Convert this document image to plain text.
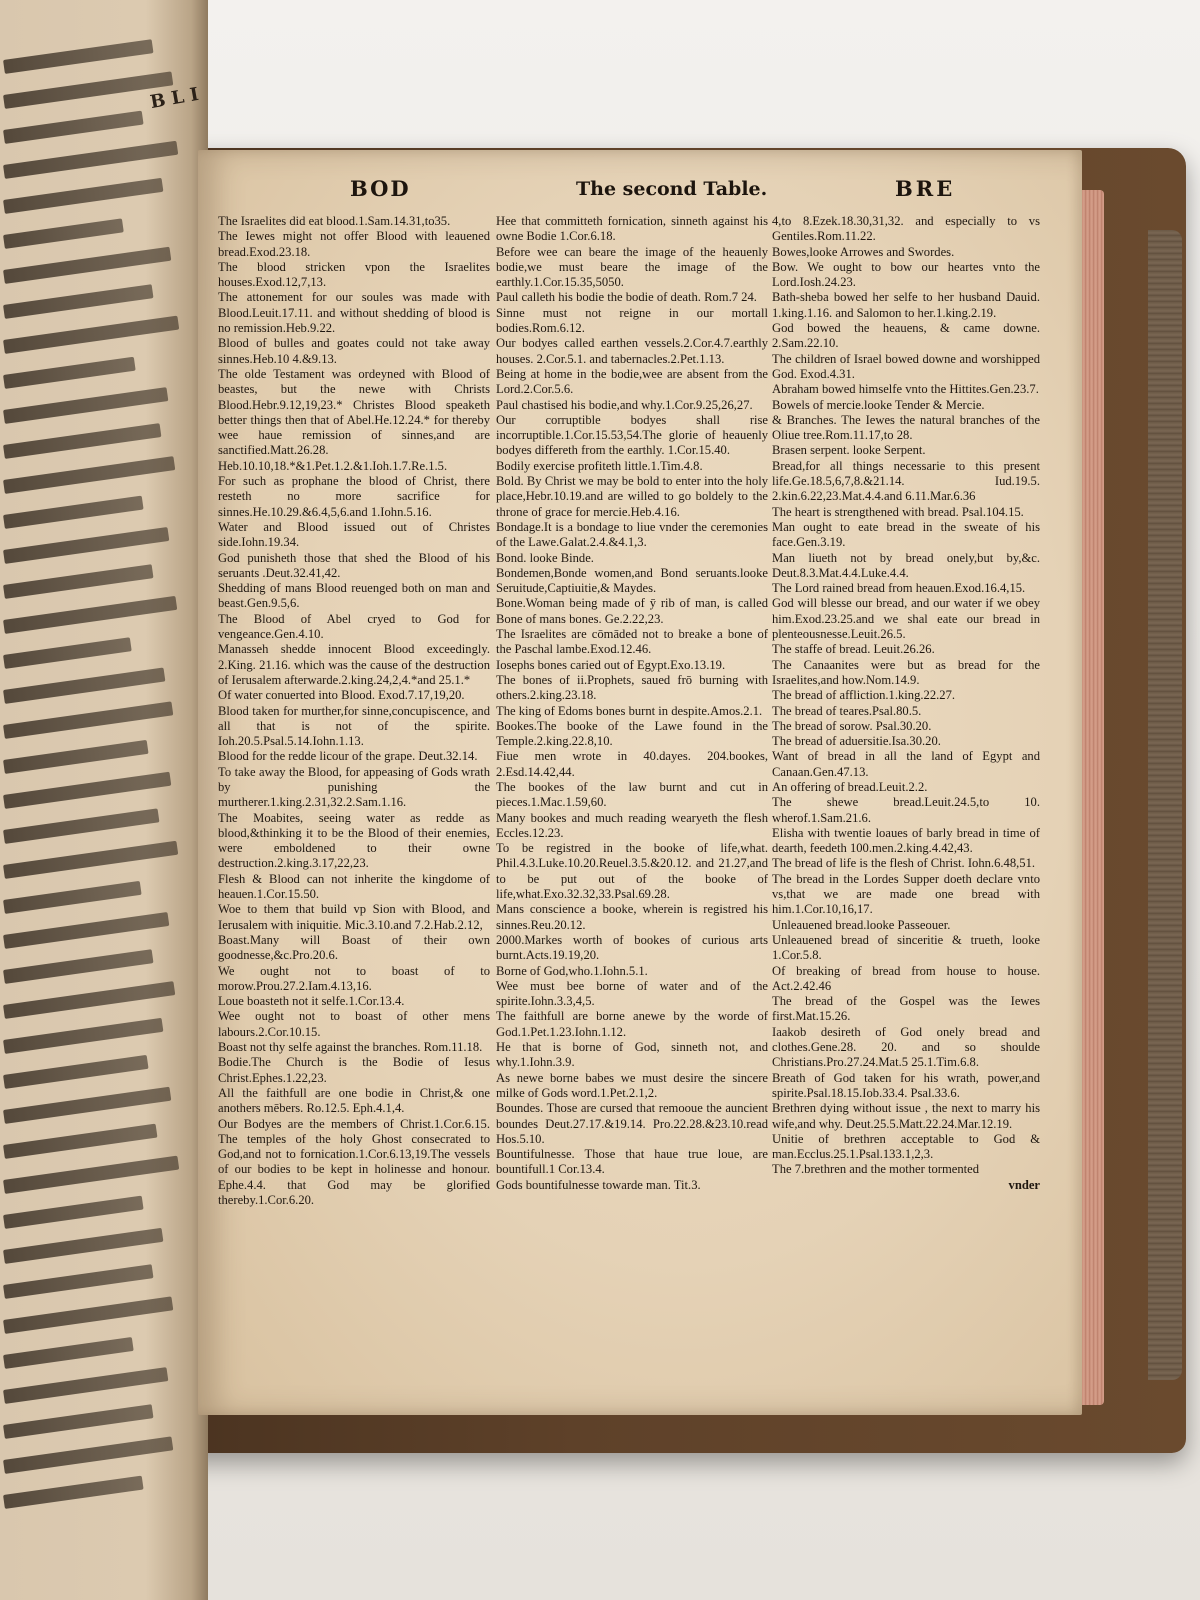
B L I
BOD	The second Table.	BRE

The Israelites did eat blood.1.Sam.14.31,to35.

The Iewes might not offer Blood with leauened bread.Exod.23.18.

The blood stricken vpon the Israelites houses.Exod.12,7,13.

The attonement for our soules was made with Blood.Leuit.17.11. and without shedding of blood is no remission.Heb.9.22.

Blood of bulles and goates could not take away sinnes.Heb.10 4.&9.13.

The olde Testament was ordeyned with Blood of beastes, but the newe with Christs Blood.Hebr.9.12,19,23.* Christes Blood speaketh better things then that of Abel.He.12.24.* for thereby wee haue remission of sinnes,and are sanctified.Matt.26.28. Heb.10.10,18.*&1.Pet.1.2.&1.Ioh.1.7.Re.1.5.

For such as prophane the blood of Christ, there resteth no more sacrifice for sinnes.He.10.29.&6.4,5,6.and 1.Iohn.5.16.

Water and Blood issued out of Christes side.Iohn.19.34.

God punisheth those that shed the Blood of his seruants .Deut.32.41,42.

Shedding of mans Blood reuenged both on man and beast.Gen.9.5,6.

The Blood of Abel cryed to God for vengeance.Gen.4.10.

Manasseh shedde innocent Blood exceedingly. 2.King. 21.16. which was the cause of the destruction of Ierusalem afterwarde.2.king.24,2,4.*and 25.1.*

Of water conuerted into Blood. Exod.7.17,19,20.

Blood taken for murther,for sinne,concupiscence, and all that is not of the spirite. Ioh.20.5.Psal.5.14.Iohn.1.13.

Blood for the redde licour of the grape. Deut.32.14.

To take away the Blood, for appeasing of Gods wrath by punishing the murtherer.1.king.2.31,32.2.Sam.1.16.

The Moabites, seeing water as redde as blood,&thinking it to be the Blood of their enemies, were emboldened to their owne destruction.2.king.3.17,22,23.

Flesh & Blood can not inherite the kingdome of heauen.1.Cor.15.50.

Woe to them that build vp Sion with Blood, and Ierusalem with iniquitie. Mic.3.10.and 7.2.Hab.2.12,

Boast.Many will Boast of their own goodnesse,&c.Pro.20.6.

We ought not to boast of to morow.Prou.27.2.Iam.4.13,16.

Loue boasteth not it selfe.1.Cor.13.4.

Wee ought not to boast of other mens labours.2.Cor.10.15.

Boast not thy selfe against the branches. Rom.11.18.

Bodie.The Church is the Bodie of Iesus Christ.Ephes.1.22,23.

All the faithfull are one bodie in Christ,& one anothers mēbers. Ro.12.5. Eph.4.1,4.

Our Bodyes are the members of Christ.1.Cor.6.15. The temples of the holy Ghost consecrated to God,and not to fornication.1.Cor.6.13,19.The vessels of our bodies to be kept in holinesse and honour. Ephe.4.4. that God may be glorified thereby.1.Cor.6.20.

Hee that committeth fornication, sinneth against his owne Bodie 1.Cor.6.18.

Before wee can beare the image of the heauenly bodie,we must beare the image of the earthly.1.Cor.15.35,5050.

Paul calleth his bodie the bodie of death. Rom.7 24.

Sinne must not reigne in our mortall bodies.Rom.6.12.

Our bodyes called earthen vessels.2.Cor.4.7.earthly houses. 2.Cor.5.1. and tabernacles.2.Pet.1.13.

Being at home in the bodie,wee are absent from the Lord.2.Cor.5.6.

Paul chastised his bodie,and why.1.Cor.9.25,26,27.

Our corruptible bodyes shall rise incorruptible.1.Cor.15.53,54.The glorie of heauenly bodyes differeth from the earthly. 1.Cor.15.40.

Bodily exercise profiteth little.1.Tim.4.8.

Bold. By Christ we may be bold to enter into the holy place,Hebr.10.19.and are willed to go boldely to the throne of grace for mercie.Heb.4.16.

Bondage.It is a bondage to liue vnder the ceremonies of the Lawe.Galat.2.4.&4.1,3.

Bond. looke Binde.

Bondemen,Bonde women,and Bond seruants.looke Seruitude,Captiuitie,& Maydes.

Bone.Woman being made of ȳ rib of man, is called Bone of mans bones. Ge.2.22,23.

The Israelites are cōmāded not to breake a bone of the Paschal lambe.Exod.12.46.

Iosephs bones caried out of Egypt.Exo.13.19.

The bones of ii.Prophets, saued frō burning with others.2.king.23.18.

The king of Edoms bones burnt in despite.Amos.2.1.

Bookes.The booke of the Lawe found in the Temple.2.king.22.8,10.

Fiue men wrote in 40.dayes. 204.bookes, 2.Esd.14.42,44.

The bookes of the law burnt and cut in pieces.1.Mac.1.59,60.

Many bookes and much reading wearyeth the flesh Eccles.12.23.

To be registred in the booke of life,what. Phil.4.3.Luke.10.20.Reuel.3.5.&20.12. and 21.27,and to be put out of the booke of life,what.Exo.32.32,33.Psal.69.28.

Mans conscience a booke, wherein is registred his sinnes.Reu.20.12.

2000.Markes worth of bookes of curious arts burnt.Acts.19.19,20.

Borne of God,who.1.Iohn.5.1.

Wee must bee borne of water and of the spirite.Iohn.3.3,4,5.

The faithfull are borne anewe by the worde of God.1.Pet.1.23.Iohn.1.12.

He that is borne of God, sinneth not, and why.1.Iohn.3.9.

As newe borne babes we must desire the sincere milke of Gods word.1.Pet.2.1,2.

Boundes. Those are cursed that remooue the auncient boundes Deut.27.17.&19.14. Pro.22.28.&23.10.read Hos.5.10.

Bountifulnesse. Those that haue true loue, are bountifull.1 Cor.13.4.

Gods bountifulnesse towarde man. Tit.3.

4,to 8.Ezek.18.30,31,32. and especially to vs Gentiles.Rom.11.22.

Bowes,looke Arrowes and Swordes.

Bow. We ought to bow our heartes vnto the Lord.Iosh.24.23.

Bath-sheba bowed her selfe to her husband Dauid. 1.king.1.16. and Salomon to her.1.king.2.19.

God bowed the heauens, & came downe. 2.Sam.22.10.

The children of Israel bowed downe and worshipped God. Exod.4.31.

Abraham bowed himselfe vnto the Hittites.Gen.23.7.

Bowels of mercie.looke Tender & Mercie.

& Branches. The Iewes the natural branches of the Oliue tree.Rom.11.17,to 28.

Brasen serpent. looke Serpent.

Bread,for all things necessarie to this present life.Ge.18.5,6,7,8.&21.14. Iud.19.5. 2.kin.6.22,23.Mat.4.4.and 6.11.Mar.6.36

The heart is strengthened with bread. Psal.104.15.

Man ought to eate bread in the sweate of his face.Gen.3.19.

Man liueth not by bread onely,but by,&c. Deut.8.3.Mat.4.4.Luke.4.4.

The Lord rained bread from heauen.Exod.16.4,15.

God will blesse our bread, and our water if we obey him.Exod.23.25.and we shal eate our bread in plenteousnesse.Leuit.26.5.

The staffe of bread. Leuit.26.26.

The Canaanites were but as bread for the Israelites,and how.Nom.14.9.

The bread of affliction.1.king.22.27.

The bread of teares.Psal.80.5.

The bread of sorow. Psal.30.20.

The bread of aduersitie.Isa.30.20.

Want of bread in all the land of Egypt and Canaan.Gen.47.13.

An offering of bread.Leuit.2.2.

The shewe bread.Leuit.24.5,to 10. wherof.1.Sam.21.6.

Elisha with twentie loaues of barly bread in time of dearth, feedeth 100.men.2.king.4.42,43.

The bread of life is the flesh of Christ. Iohn.6.48,51.

The bread in the Lordes Supper doeth declare vnto vs,that we are made one bread with him.1.Cor.10,16,17.

Unleauened bread.looke Passeouer.

Unleauened bread of sinceritie & trueth, looke 1.Cor.5.8.

Of breaking of bread from house to house. Act.2.42.46

The bread of the Gospel was the Iewes first.Mat.15.26.

Iaakob desireth of God onely bread and clothes.Gene.28. 20. and so shoulde Christians.Pro.27.24.Mat.5 25.1.Tim.6.8.

Breath of God taken for his wrath, power,and spirite.Psal.18.15.Iob.33.4. Psal.33.6.

Brethren dying without issue , the next to marry his wife,and why. Deut.25.5.Matt.22.24.Mar.12.19.

Unitie of brethren acceptable to God & man.Ecclus.25.1.Psal.133.1,2,3.

The 7.brethren and the mother tormented

vnder
